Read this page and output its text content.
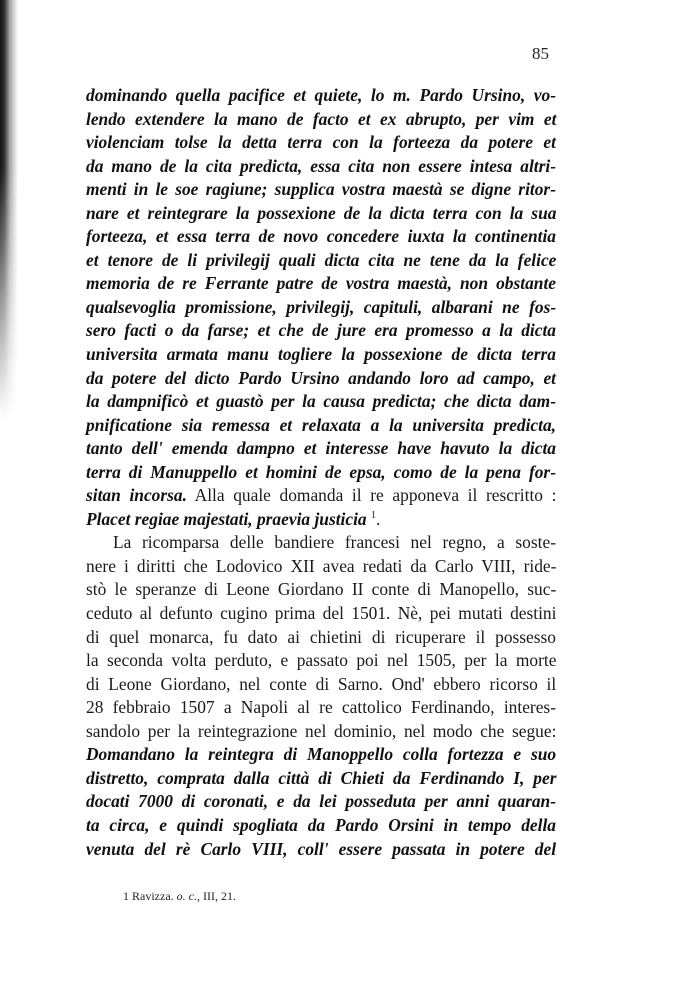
85
dominando quella pacifice et quiete, lo m. Pardo Ursino, vo-
lendo extendere la mano de facto et ex abrupto, per vim et
violenciam tolse la detta terra con la forteeza da potere et
da mano de la cita predicta, essa cita non essere intesa altri-
menti in le soe ragiune; supplica vostra maestà se digne ritor-
nare et reintegrare la possexione de la dicta terra con la sua
forteeza, et essa terra de novo concedere iuxta la continentia
et tenore de li privilegij quali dicta cita ne tene da la felice
memoria de re Ferrante patre de vostra maestà, non obstante
qualsevoglia promissione, privilegij, capituli, albarani ne fos-
sero facti o da farse; et che de jure era promesso a la dicta
universita armata manu togliere la possexione de dicta terra
da potere del dicto Pardo Ursino andando loro ad campo, et
la dampnificò et guastò per la causa predicta; che dicta dam-
pnificatione sia remessa et relaxata a la universita predicta,
tanto dell' emenda dampno et interesse have havuto la dicta
terra di Manuppello et homini de epsa, como de la pena for-
sitan incorsa. Alla quale domanda il re apponeva il rescritto :
Placet regiae majestati, praevia justicia $^1$.
La ricomparsa delle bandiere francesi nel regno, a soste-
nere i diritti che Lodovico XII avea redati da Carlo VIII, ride-
stò le speranze di Leone Giordano II conte di Manopello, suc-
ceduto al defunto cugino prima del 1501. Nè, pei mutati destini
di quel monarca, fu dato ai chietini di ricuperare il possesso
la seconda volta perduto, e passato poi nel 1505, per la morte
di Leone Giordano, nel conte di Sarno. Ond' ebbero ricorso il
28 febbraio 1507 a Napoli al re cattolico Ferdinando, interes-
sandolo per la reintegrazione nel dominio, nel modo che segue:
Domandano la reintegra di Manoppello colla fortezza e suo
distretto, comprata dalla città di Chieti da Ferdinando I, per
docati 7000 di coronati, e da lei posseduta per anni quaran-
ta circa, e quindi spogliata da Pardo Orsini in tempo della
venuta del rè Carlo VIII, coll' essere passata in potere del
1 Ravizza. o. c., III, 21.
